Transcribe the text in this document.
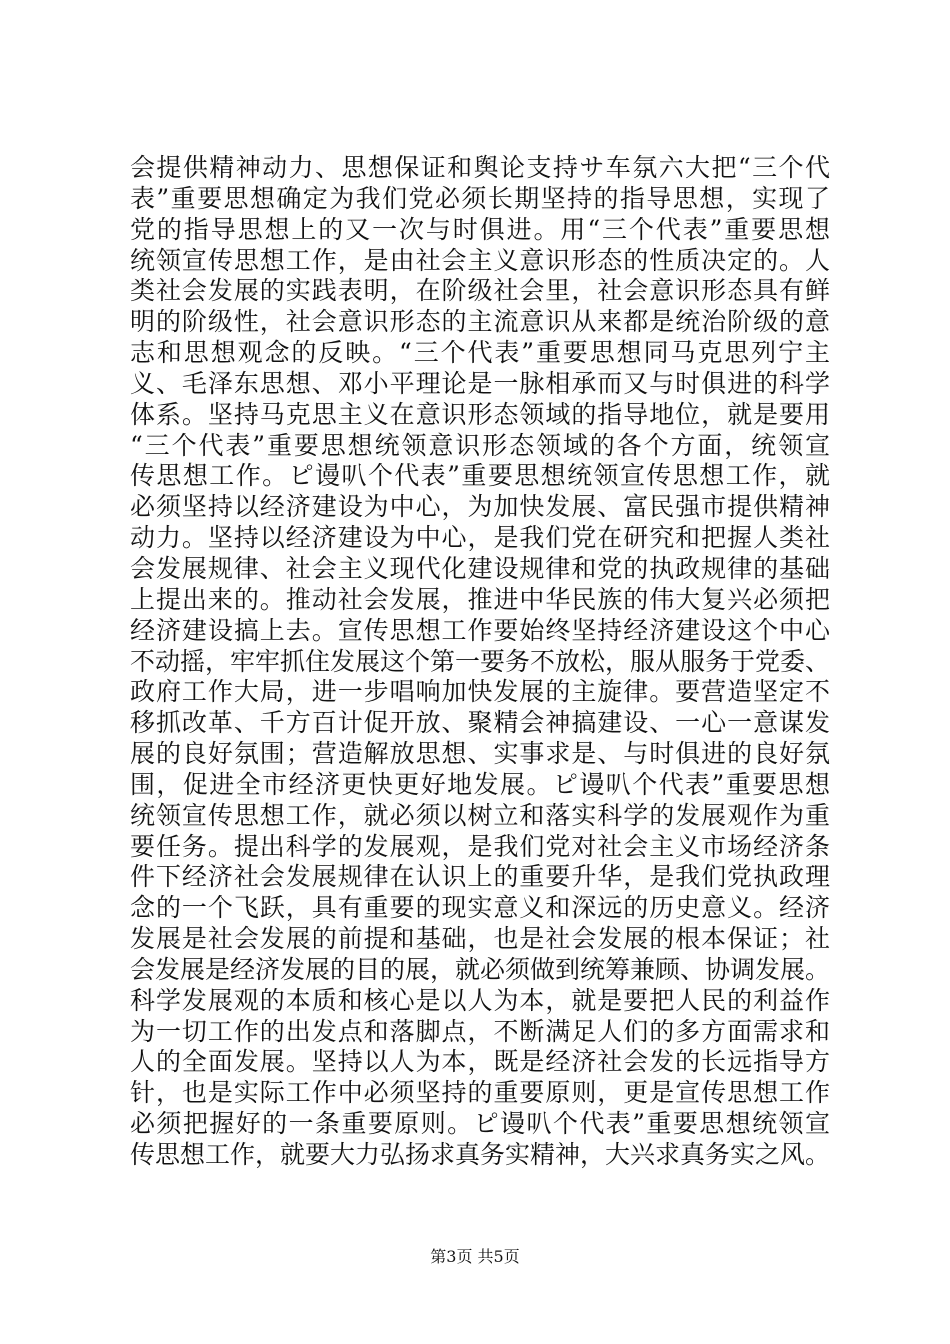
会提供精神动力、思想保证和舆论支持サ车氛六大把“三个代
表”重要思想确定为我们党必须长期坚持的指导思想，实现了
党的指导思想上的又一次与时俱进。用“三个代表”重要思想
统领宣传思想工作，是由社会主义意识形态的性质决定的。人
类社会发展的实践表明，在阶级社会里，社会意识形态具有鲜
明的阶级性，社会意识形态的主流意识从来都是统治阶级的意
志和思想观念的反映。“三个代表”重要思想同马克思列宁主
义、毛泽东思想、邓小平理论是一脉相承而又与时俱进的科学
体系。坚持马克思主义在意识形态领域的指导地位，就是要用
“三个代表”重要思想统领意识形态领域的各个方面，统领宣
传思想工作。ピ谩叭个代表”重要思想统领宣传思想工作，就
必须坚持以经济建设为中心，为加快发展、富民强市提供精神
动力。坚持以经济建设为中心，是我们党在研究和把握人类社
会发展规律、社会主义现代化建设规律和党的执政规律的基础
上提出来的。推动社会发展，推进中华民族的伟大复兴必须把
经济建设搞上去。宣传思想工作要始终坚持经济建设这个中心
不动摇，牢牢抓住发展这个第一要务不放松，服从服务于党委、
政府工作大局，进一步唱响加快发展的主旋律。要营造坚定不
移抓改革、千方百计促开放、聚精会神搞建设、一心一意谋发
展的良好氛围；营造解放思想、实事求是、与时俱进的良好氛
围，促进全市经济更快更好地发展。ピ谩叭个代表”重要思想
统领宣传思想工作，就必须以树立和落实科学的发展观作为重
要任务。提出科学的发展观，是我们党对社会主义市场经济条
件下经济社会发展规律在认识上的重要升华，是我们党执政理
念的一个飞跃，具有重要的现实意义和深远的历史意义。经济
发展是社会发展的前提和基础，也是社会发展的根本保证；社
会发展是经济发展的目的展，就必须做到统筹兼顾、协调发展。
科学发展观的本质和核心是以人为本，就是要把人民的利益作
为一切工作的出发点和落脚点，不断满足人们的多方面需求和
人的全面发展。坚持以人为本，既是经济社会发的长远指导方
针，也是实际工作中必须坚持的重要原则，更是宣传思想工作
必须把握好的一条重要原则。ピ谩叭个代表”重要思想统领宣
传思想工作，就要大力弘扬求真务实精神，大兴求真务实之风。
第3页 共5页
